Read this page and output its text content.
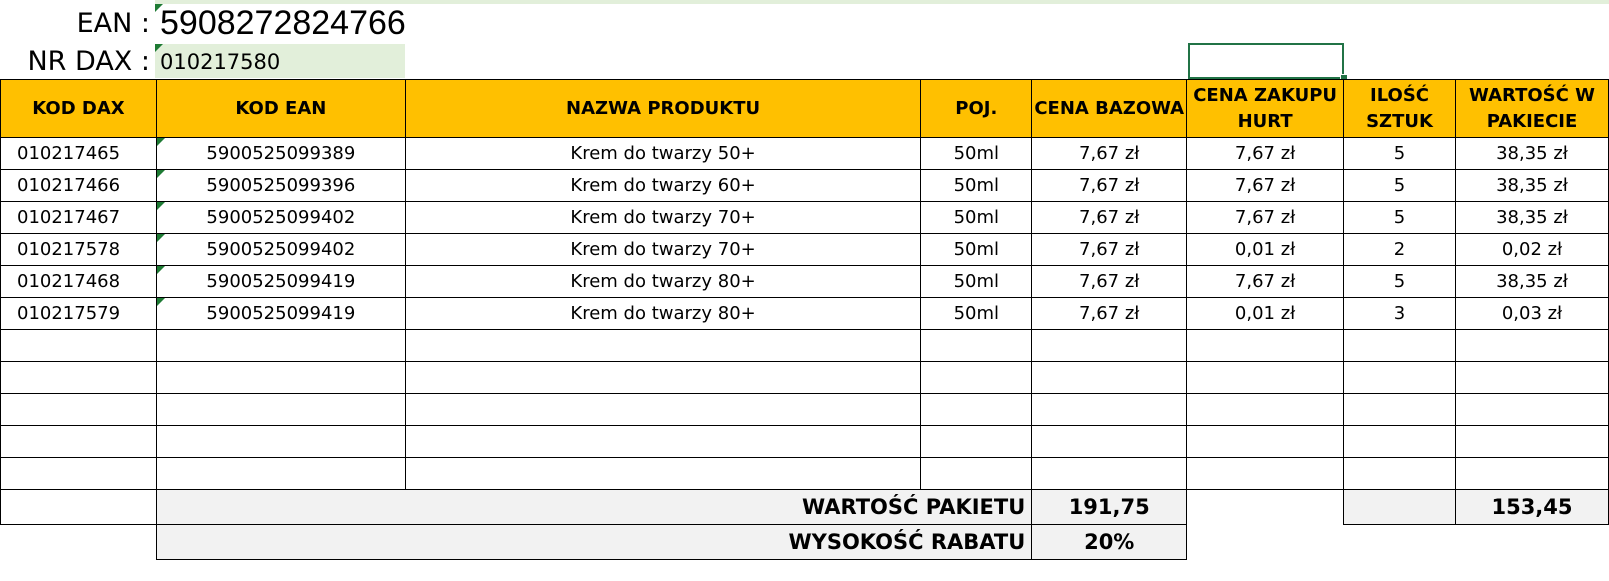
EAN : 5908272824766
NR DAX : 010217580
KOD DAX	KOD EAN	NAZWA PRODUKTU	POJ.	CENA BAZOWA	CENA ZAKUPU HURT	ILOŚĆ SZTUK	WARTOŚĆ W PAKIECIE
010217465	5900525099389	Krem do twarzy 50+	50ml	7,67 zł	7,67 zł	5	38,35 zł
010217466	5900525099396	Krem do twarzy 60+	50ml	7,67 zł	7,67 zł	5	38,35 zł
010217467	5900525099402	Krem do twarzy 70+	50ml	7,67 zł	7,67 zł	5	38,35 zł
010217578	5900525099402	Krem do twarzy 70+	50ml	7,67 zł	0,01 zł	2	0,02 zł
010217468	5900525099419	Krem do twarzy 80+	50ml	7,67 zł	7,67 zł	5	38,35 zł
010217579	5900525099419	Krem do twarzy 80+	50ml	7,67 zł	0,01 zł	3	0,03 zł

	WARTOŚĆ PAKIETU			191,75			153,45
	WYSOKOŚĆ RABATU			20%			
